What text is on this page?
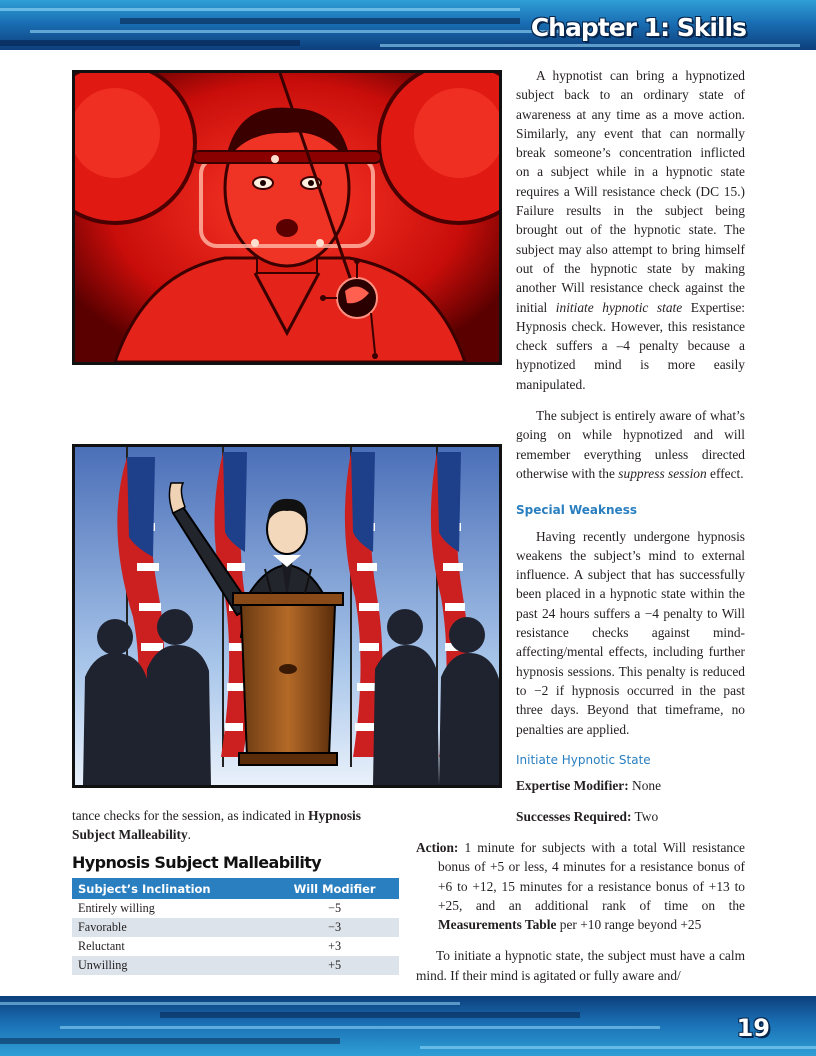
Chapter 1: Skills

A hypnotist can bring a hypnotized subject back to an ordinary state of awareness at any time as a move action. Similarly, any event that can normally break someone’s concentration inflicted on a subject while in a hypnotic state requires a Will resistance check (DC 15.) Failure results in the subject being brought out of the hypnotic state. The subject may also attempt to bring himself out of the hypnotic state by making another Will resistance check against the initial initiate hypnotic state Expertise: Hypnosis check. However, this resistance check suffers a –4 penalty because a hypnotized mind is more easily manipulated.

The subject is entirely aware of what’s going on while hypnotized and will remember everything unless directed otherwise with the suppress session effect.

Special Weakness

Having recently undergone hypnosis weakens the subject’s mind to external influence. A subject that has successfully been placed in a hypnotic state within the past 24 hours suffers a −4 penalty to Will resistance checks against mind-affecting/mental effects, including further hypnosis sessions. This penalty is reduced to −2 if hypnosis occurred in the past three days. Beyond that timeframe, no penalties are applied.

Initiate Hypnotic State

Expertise Modifier: None

Successes Required: Two

Action: 1 minute for subjects with a total Will resistance bonus of +5 or less, 4 minutes for a resistance bonus of +6 to +12, 15 minutes for a resistance bonus of +13 to +25, and an additional rank of time on the Measurements Table per +10 range beyond +25

To initiate a hypnotic state, the subject must have a calm mind. If their mind is agitated or fully aware and/

tance checks for the session, as indicated in Hypnosis Subject Malleability.
Hypnosis Subject Malleability
Subject’s Inclination	Will Modifier
Entirely willing	−5
Favorable	−3
Reluctant	+3
Unwilling	+5
19
